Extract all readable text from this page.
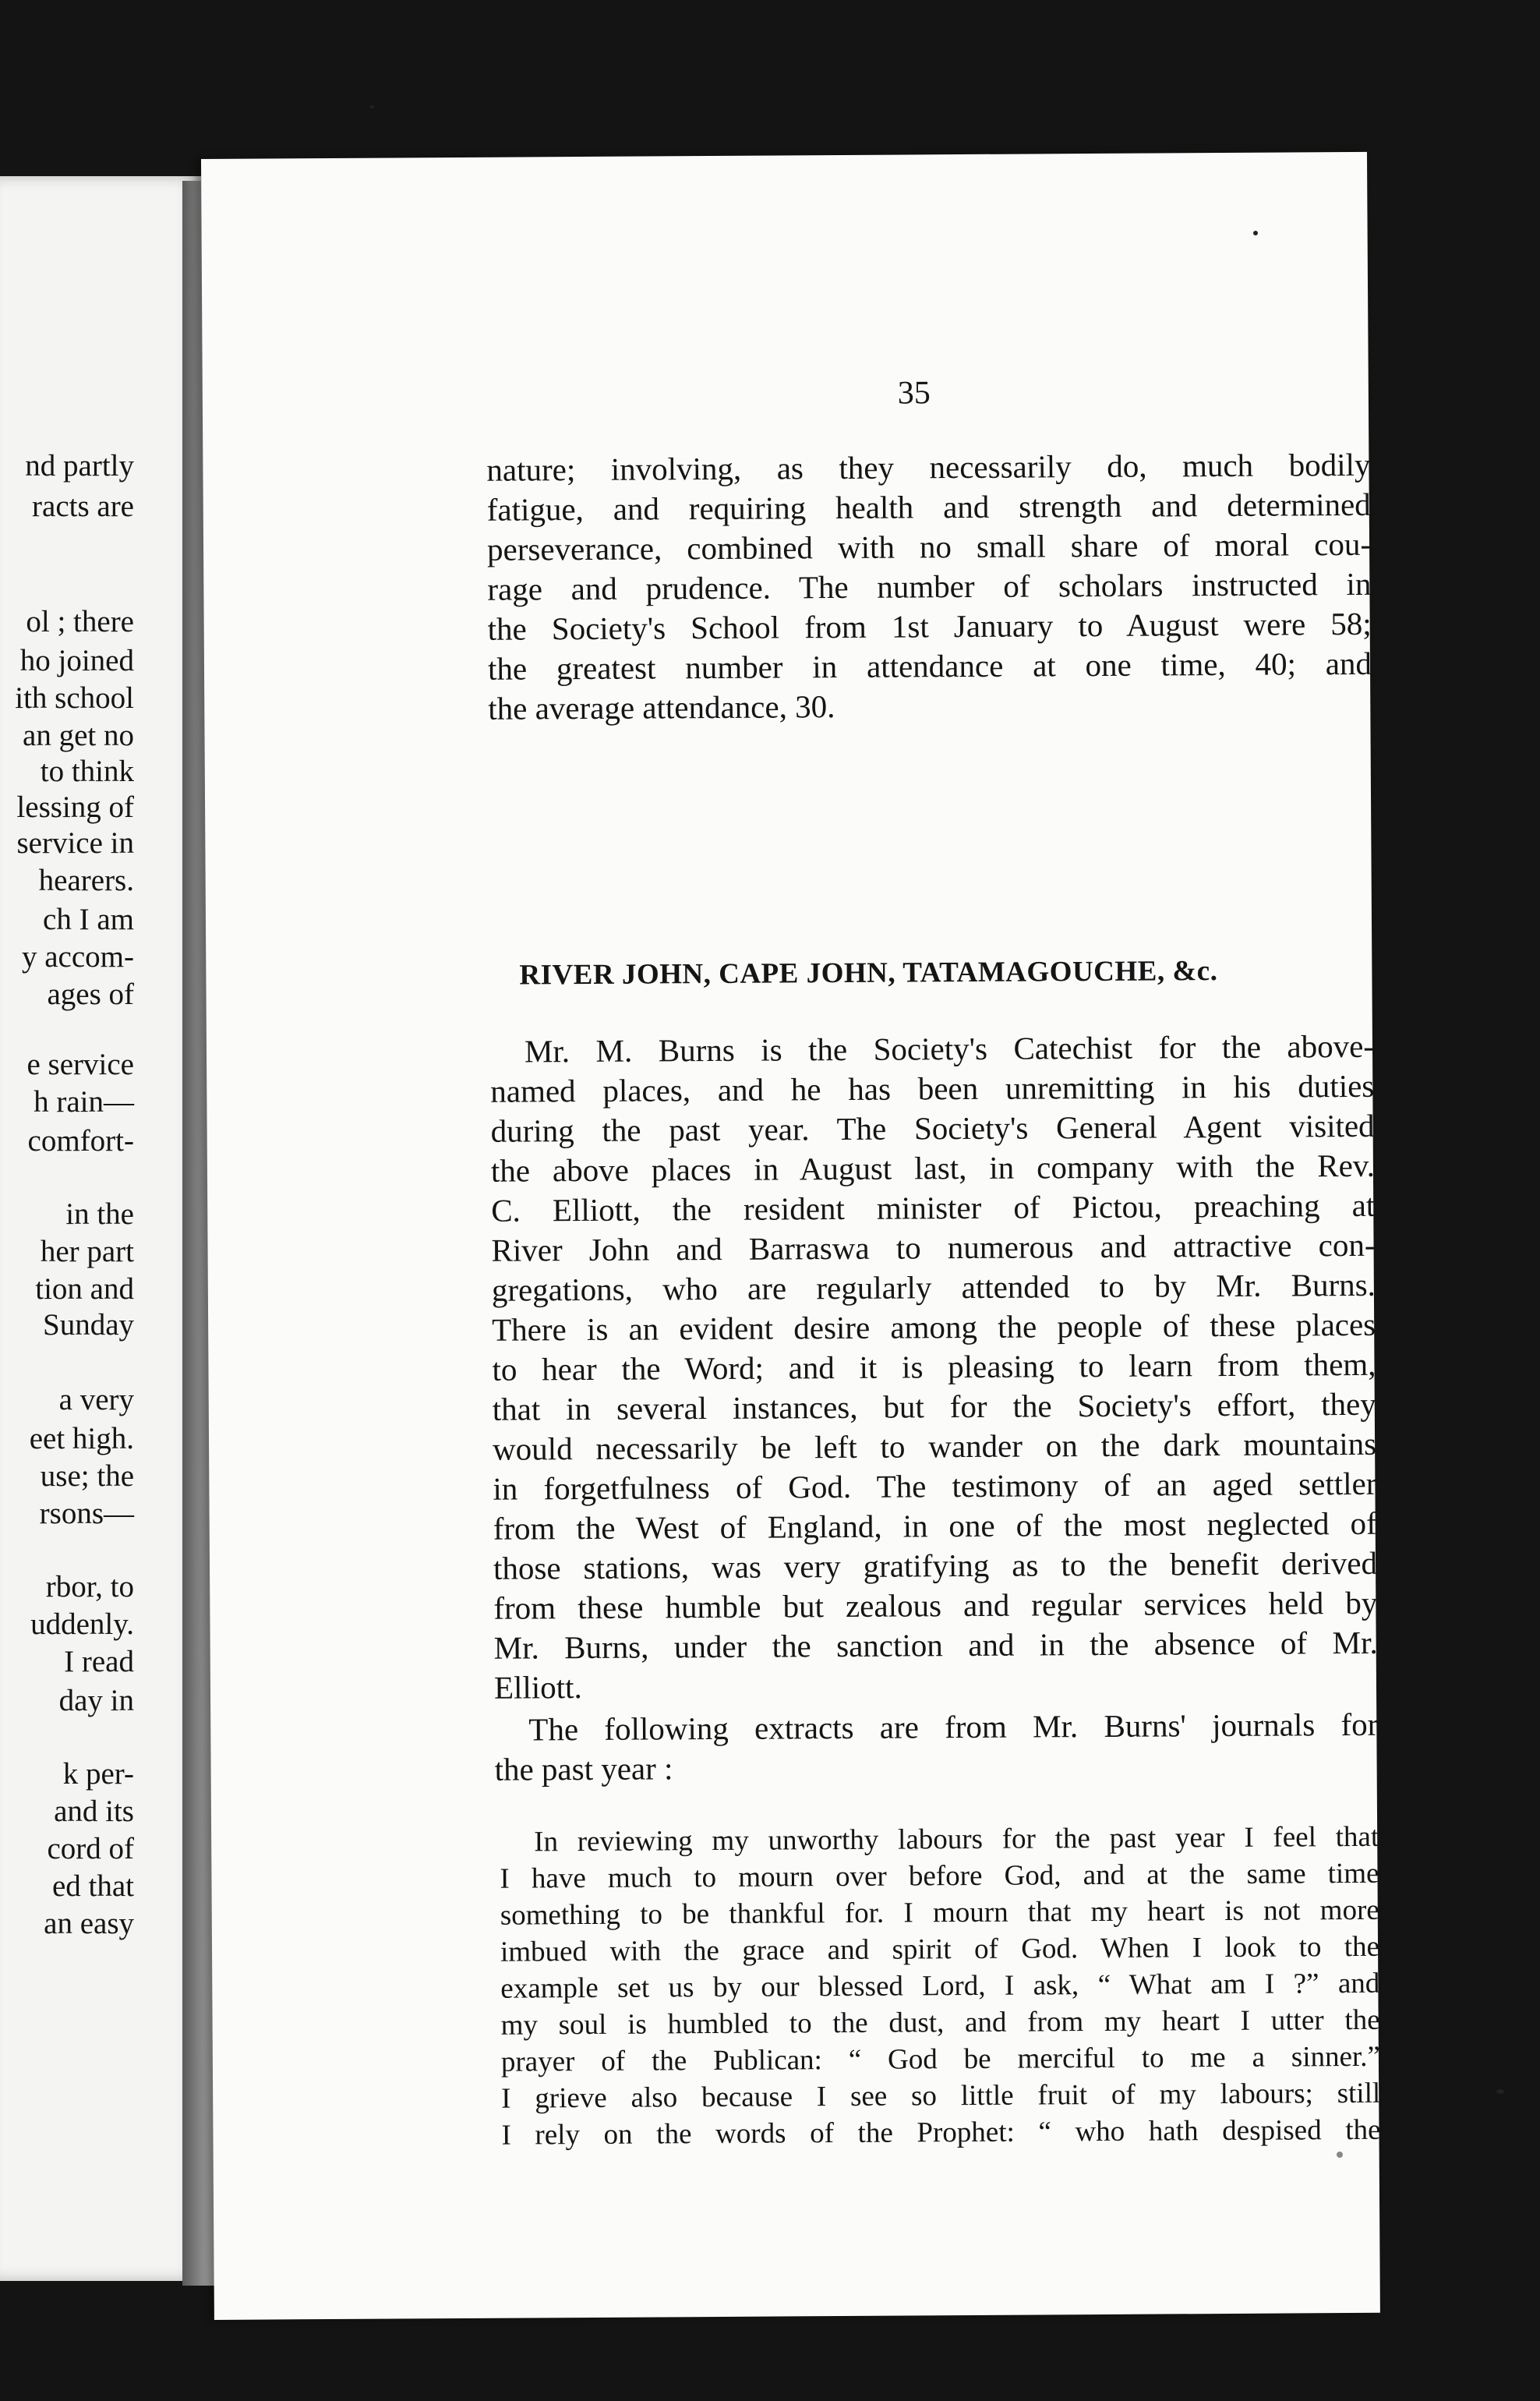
nd partly
racts are
ol ; there
ho joined
ith school
an get no
to think
lessing of
service in
hearers.
ch I am
y accom-
ages of
e service
h rain—
comfort-
in the
her part
tion and
Sunday
a very
eet high.
use; the
rsons—
rbor, to
uddenly.
I read
day in
k per-
and its
cord of
ed that
an easy
35
nature; involving, as they necessarily do, much bodily
fatigue, and requiring health and strength and determined
perseverance, combined with no small share of moral cou-
rage and prudence. The number of scholars instructed in
the Society's School from 1st January to August were 58;
the greatest number in attendance at one time, 40; and
the average attendance, 30.
RIVER JOHN, CAPE JOHN, TATAMAGOUCHE, &c.
Mr. M. Burns is the Society's Catechist for the above-
named places, and he has been unremitting in his duties
during the past year. The Society's General Agent visited
the above places in August last, in company with the Rev.
C. Elliott, the resident minister of Pictou, preaching at
River John and Barraswa to numerous and attractive con-
gregations, who are regularly attended to by Mr. Burns.
There is an evident desire among the people of these places
to hear the Word; and it is pleasing to learn from them,
that in several instances, but for the Society's effort, they
would necessarily be left to wander on the dark mountains
in forgetfulness of God. The testimony of an aged settler
from the West of England, in one of the most neglected of
those stations, was very gratifying as to the benefit derived
from these humble but zealous and regular services held by
Mr. Burns, under the sanction and in the absence of Mr.
Elliott.
The following extracts are from Mr. Burns' journals for
the past year :
In reviewing my unworthy labours for the past year I feel that
I have much to mourn over before God, and at the same time
something to be thankful for. I mourn that my heart is not more
imbued with the grace and spirit of God. When I look to the
example set us by our blessed Lord, I ask, “ What am I ?” and
my soul is humbled to the dust, and from my heart I utter the
prayer of the Publican: “ God be merciful to me a sinner.”
I grieve also because I see so little fruit of my labours; still
I rely on the words of the Prophet: “ who hath despised the
